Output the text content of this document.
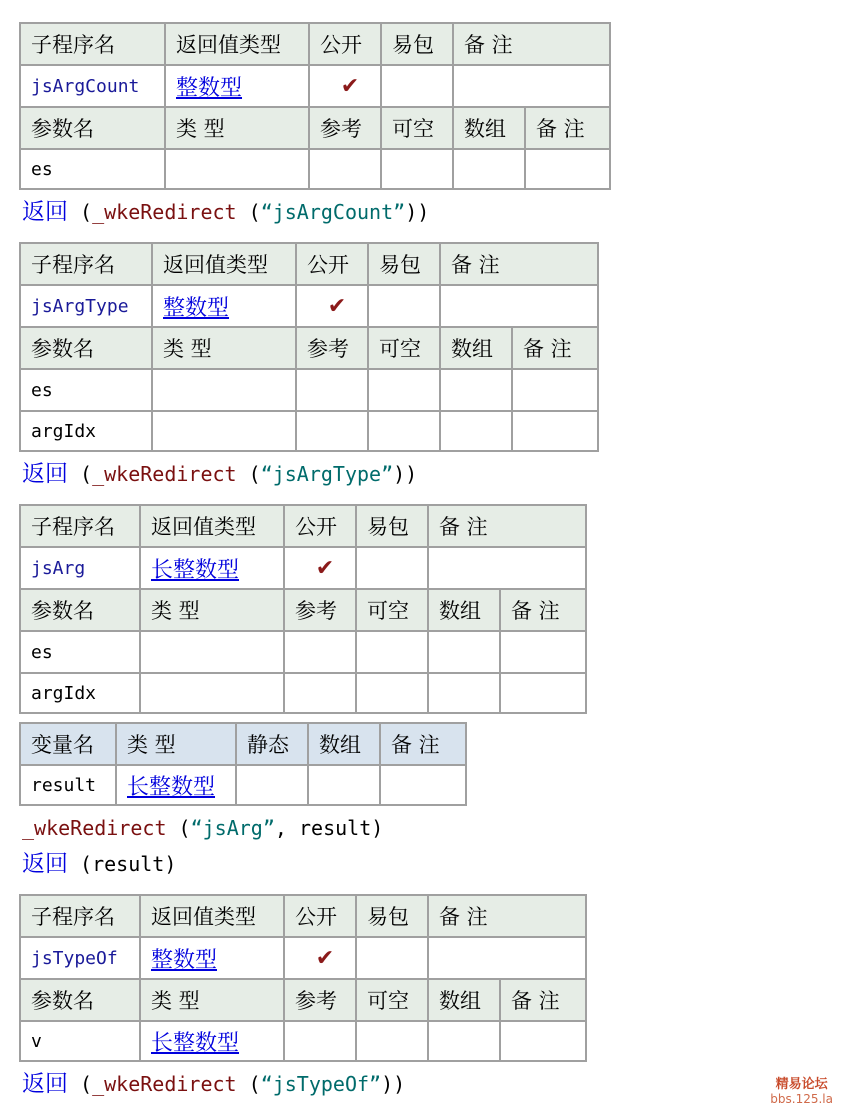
子程序名	返回值类型	公开	易包	备 注	
jsArgCount	整数型	✔			
参数名	类 型	参考	可空	数组	备 注
es					
返回 (_wkeRedirect (“jsArgCount”))
子程序名	返回值类型	公开	易包	备 注	
jsArgType	整数型	✔			
参数名	类 型	参考	可空	数组	备 注
es					
argIdx					
返回 (_wkeRedirect (“jsArgType”))
子程序名	返回值类型	公开	易包	备 注	
jsArg	长整数型	✔			
参数名	类 型	参考	可空	数组	备 注
es					
argIdx					
变量名	类 型	静态	数组	备 注
result	长整数型			
_wkeRedirect (“jsArg”, result)
返回 (result)
子程序名	返回值类型	公开	易包	备 注	
jsTypeOf	整数型	✔			
参数名	类 型	参考	可空	数组	备 注
v	长整数型				
返回 (_wkeRedirect (“jsTypeOf”))	精易论坛
bbs.125.la
